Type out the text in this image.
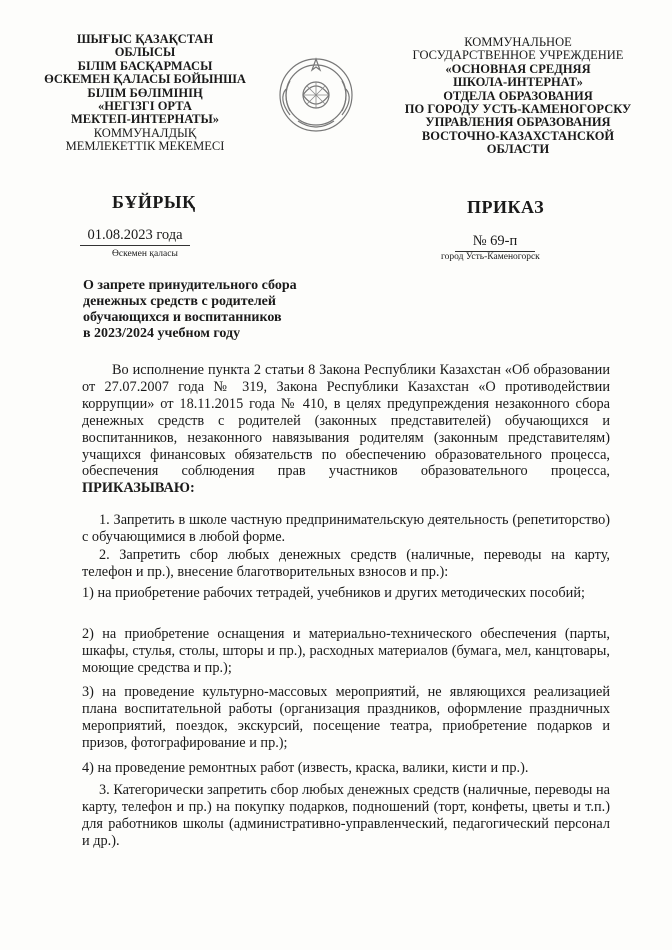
ШЫҒЫС ҚАЗАҚСТАН
ОБЛЫСЫ
БІЛІМ БАСҚАРМАСЫ
ӨСКЕМЕН ҚАЛАСЫ БОЙЫНША
БІЛІМ БӨЛІМІНІҢ
«НЕГІЗГІ ОРТА
МЕКТЕП-ИНТЕРНАТЫ»
КОММУНАЛДЫҚ
МЕМЛЕКЕТТІК МЕКЕМЕСІ
КОММУНАЛЬНОЕ
ГОСУДАРСТВЕННОЕ УЧРЕЖДЕНИЕ
«ОСНОВНАЯ СРЕДНЯЯ
ШКОЛА-ИНТЕРНАТ»
ОТДЕЛА ОБРАЗОВАНИЯ
ПО ГОРОДУ УСТЬ-КАМЕНОГОРСКУ
УПРАВЛЕНИЯ ОБРАЗОВАНИЯ
ВОСТОЧНО-КАЗАХСТАНСКОЙ
ОБЛАСТИ
БҰЙРЫҚ	ПРИКАЗ
01.08.2023 года
Өскемен қаласы
№ 69-п
город Усть-Каменогорск
О запрете принудительного сбора
денежных средств с родителей
обучающихся и воспитанников
в 2023/2024 учебном году
Во исполнение пункта 2 статьи 8 Закона Республики Казахстан «Об образовании от 27.07.2007 года № 319, Закона Республики Казахстан «О противодействии коррупции» от 18.11.2015 года № 410, в целях предупреждения незаконного сбора денежных средств с родителей (законных представителей) обучающихся и воспитанников, незаконного навязывания родителям (законным представителям) учащихся финансовых обязательств по обеспечению образовательного процесса, обеспечения соблюдения прав участников образовательного процесса, ПРИКАЗЫВАЮ:
1. Запретить в школе частную предпринимательскую деятельность (репетиторство) с обучающимися в любой форме.
2. Запретить сбор любых денежных средств (наличные, переводы на карту, телефон и пр.), внесение благотворительных взносов и пр.):
1) на приобретение рабочих тетрадей, учебников и других методических пособий;
2) на приобретение оснащения и материально-технического обеспечения (парты, шкафы, стулья, столы, шторы и пр.), расходных материалов (бумага, мел, канцтовары, моющие средства и пр.);
3) на проведение культурно-массовых мероприятий, не являющихся реализацией плана воспитательной работы (организация праздников, оформление праздничных мероприятий, поездок, экскурсий, посещение театра, приобретение подарков и призов, фотографирование и пр.);
4) на проведение ремонтных работ (известь, краска, валики, кисти и пр.).
3. Категорически запретить сбор любых денежных средств (наличные, переводы на карту, телефон и пр.) на покупку подарков, подношений (торт, конфеты, цветы и т.п.) для работников школы (административно-управленческий, педагогический персонал и др.).
